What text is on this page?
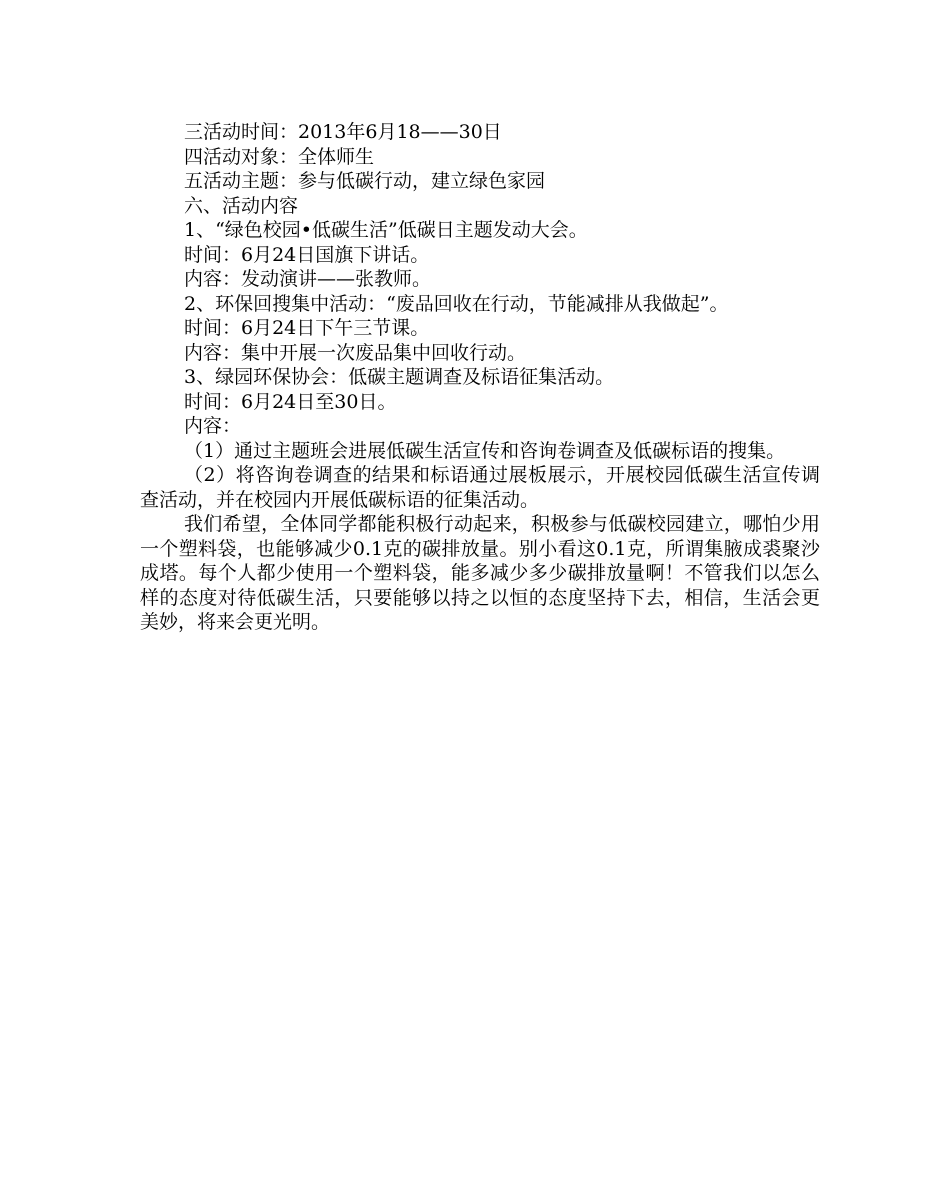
三活动时间：2013年6月18——30日

四活动对象：全体师生

五活动主题：参与低碳行动，建立绿色家园

六、活动内容

1、“绿色校园•低碳生活”低碳日主题发动大会。

时间：6月24日国旗下讲话。

内容：发动演讲——张教师。

2、环保回搜集中活动：“废品回收在行动，节能减排从我做起”。

时间：6月24日下午三节课。

内容：集中开展一次废品集中回收行动。

3、绿园环保协会：低碳主题调查及标语征集活动。

时间：6月24日至30日。

内容：

（1）通过主题班会进展低碳生活宣传和咨询卷调查及低碳标语的搜集。

（2）将咨询卷调查的结果和标语通过展板展示，开展校园低碳生活宣传调查活动，并在校园内开展低碳标语的征集活动。

我们希望，全体同学都能积极行动起来，积极参与低碳校园建立，哪怕少用一个塑料袋，也能够减少0.1克的碳排放量。别小看这0.1克，所谓集腋成裘聚沙成塔。每个人都少使用一个塑料袋，能多减少多少碳排放量啊！不管我们以怎么样的态度对待低碳生活，只要能够以持之以恒的态度坚持下去，相信，生活会更美妙，将来会更光明。
